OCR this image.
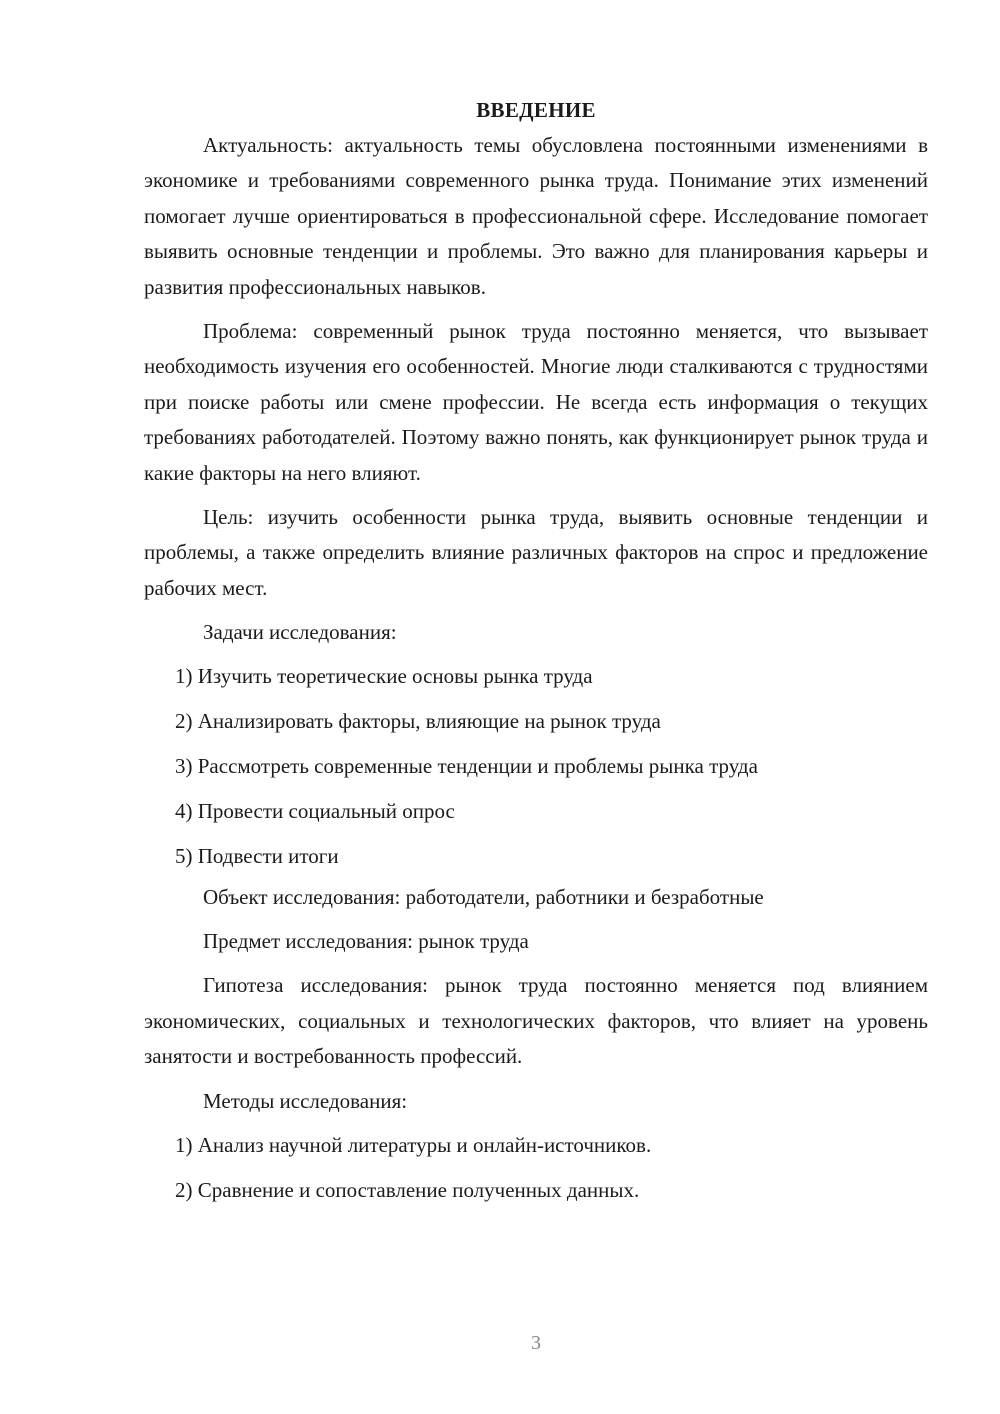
ВВЕДЕНИЕ

Актуальность: актуальность темы обусловлена постоянными изменениями в экономике и требованиями современного рынка труда. Понимание этих изменений помогает лучше ориентироваться в профессиональной сфере. Исследование помогает выявить основные тенденции и проблемы. Это важно для планирования карьеры и развития профессиональных навыков.

Проблема: современный рынок труда постоянно меняется, что вызывает необходимость изучения его особенностей. Многие люди сталкиваются с трудностями при поиске работы или смене профессии. Не всегда есть информация о текущих требованиях работодателей. Поэтому важно понять, как функционирует рынок труда и какие факторы на него влияют.

Цель: изучить особенности рынка труда, выявить основные тенденции и проблемы, а также определить влияние различных факторов на спрос и предложение рабочих мест.

Задачи исследования:

1) Изучить теоретические основы рынка труда

2) Анализировать факторы, влияющие на рынок труда

3) Рассмотреть современные тенденции и проблемы рынка труда

4) Провести социальный опрос

5) Подвести итоги

Объект исследования: работодатели, работники и безработные

Предмет исследования: рынок труда

Гипотеза исследования: рынок труда постоянно меняется под влиянием экономических, социальных и технологических факторов, что влияет на уровень занятости и востребованность профессий.

Методы исследования:

1) Анализ научной литературы и онлайн-источников.

2) Сравнение и сопоставление полученных данных.

3
